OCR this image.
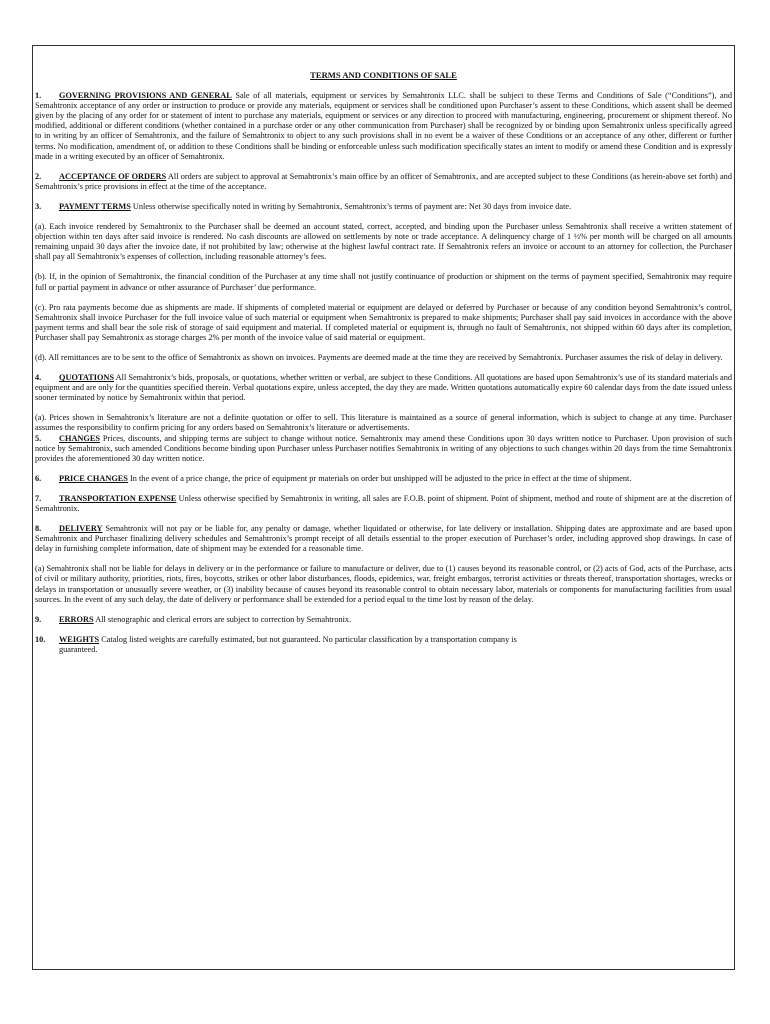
TERMS AND CONDITIONS OF SALE

1. GOVERNING PROVISIONS AND GENERAL Sale of all materials, equipment or services by Semahtronix LLC. shall be subject to these Terms and Conditions of Sale (“Conditions”), and Semahtronix acceptance of any order or instruction to produce or provide any materials, equipment or services shall be conditioned upon Purchaser’s assent to these Conditions, which assent shall be deemed given by the placing of any order for or statement of intent to purchase any materials, equipment or services or any direction to proceed with manufacturing, engineering, procurement or shipment thereof. No modified, additional or different conditions (whether contained in a purchase order or any other communication from Purchaser) shall be recognized by or binding upon Semahtronix unless specifically agreed to in writing by an officer of Semahtronix, and the failure of Semahtronix to object to any such provisions shall in no event be a waiver of these Conditions or an acceptance of any other, different or further terms. No modification, amendment of, or addition to these Conditions shall be binding or enforceable unless such modification specifically states an intent to modify or amend these Condition and is expressly made in a writing executed by an officer of Semahtronix.

2. ACCEPTANCE OF ORDERS All orders are subject to approval at Semahtronix’s main office by an officer of Semahtronix, and are accepted subject to these Conditions (as herein-above set forth) and Semahtronix’s price provisions in effect at the time of the acceptance.

3. PAYMENT TERMS Unless otherwise specifically noted in writing by Semahtronix, Semahtronix’s terms of payment are: Net 30 days from invoice date.

(a). Each invoice rendered by Semahtronix to the Purchaser shall be deemed an account stated, correct, accepted, and binding upon the Purchaser unless Semahtronix shall receive a written statement of objection within ten days after said invoice is rendered. No cash discounts are allowed on settlements by note or trade acceptance. A delinquency charge of 1 ½% per month will be charged on all amounts remaining unpaid 30 days after the invoice date, if not prohibited by law; otherwise at the highest lawful contract rate. If Semahtronix refers an invoice or account to an attorney for collection, the Purchaser shall pay all Semahtronix’s expenses of collection, including reasonable attorney’s fees.

(b). If, in the opinion of Semahtronix, the financial condition of the Purchaser at any time shall not justify continuance of production or shipment on the terms of payment specified, Semahtronix may require full or partial payment in advance or other assurance of Purchaser’ due performance.

(c). Pro rata payments become due as shipments are made. If shipments of completed material or equipment are delayed or deferred by Purchaser or because of any condition beyond Semahtronix’s control, Semahtronix shall invoice Purchaser for the full invoice value of such material or equipment when Semahtronix is prepared to make shipments; Purchaser shall pay said invoices in accordance with the above payment terms and shall bear the sole risk of storage of said equipment and material. If completed material or equipment is, through no fault of Semahtronix, not shipped within 60 days after its completion, Purchaser shall pay Semahtronix as storage charges 2% per month of the invoice value of said material or equipment.

(d). All remittances are to be sent to the office of Semahtronix as shown on invoices. Payments are deemed made at the time they are received by Semahtronix. Purchaser assumes the risk of delay in delivery.

4. QUOTATIONS All Semahtronix’s bids, proposals, or quotations, whether written or verbal, are subject to these Conditions. All quotations are based upon Semahtronix’s use of its standard materials and equipment and are only for the quantities specified therein. Verbal quotations expire, unless accepted, the day they are made. Written quotations automatically expire 60 calendar days from the date issued unless sooner terminated by notice by Semahtronix within that period.

(a). Prices shown in Semahtronix’s literature are not a definite quotation or offer to sell. This literature is maintained as a source of general information, which is subject to change at any time. Purchaser assumes the responsibility to confirm pricing for any orders based on Semahtronix’s literature or advertisements.

5. CHANGES Prices, discounts, and shipping terms are subject to change without notice. Semahtronix may amend these Conditions upon 30 days written notice to Purchaser. Upon provision of such notice by Semahtronix, such amended Conditions become binding upon Purchaser unless Purchaser notifies Semahtronix in writing of any objections to such changes within 20 days from the time Semahtronix provides the aforementioned 30 day written notice.

6. PRICE CHANGES In the event of a price change, the price of equipment pr materials on order but unshipped will be adjusted to the price in effect at the time of shipment.

7. TRANSPORTATION EXPENSE Unless otherwise specified by Semahtronix in writing, all sales are F.O.B. point of shipment. Point of shipment, method and route of shipment are at the discretion of Semahtronix.

8. DELIVERY Semahtronix will not pay or be liable for, any penalty or damage, whether liquidated or otherwise, for late delivery or installation. Shipping dates are approximate and are based upon Semahtronix and Purchaser finalizing delivery schedules and Semahtronix’s prompt receipt of all details essential to the proper execution of Purchaser’s order, including approved shop drawings. In case of delay in furnishing complete information, date of shipment may be extended for a reasonable time.

(a) Semahtronix shall not be liable for delays in delivery or in the performance or failure to manufacture or deliver, due to (1) causes beyond its reasonable control, or (2) acts of God, acts of the Purchase, acts of civil or military authority, priorities, riots, fires, boycotts, strikes or other labor disturbances, floods, epidemics, war, freight embargos, terrorist activities or threats thereof, transportation shortages, wrecks or delays in transportation or unusually severe weather, or (3) inability because of causes beyond its reasonable control to obtain necessary labor, materials or components for manufacturing facilities from usual sources. In the event of any such delay, the date of delivery or performance shall be extended for a period equal to the time lost by reason of the delay.

9. ERRORS All stenographic and clerical errors are subject to correction by Semahtronix.

10. WEIGHTS Catalog listed weights are carefully estimated, but not guaranteed. No particular classification by a transportation company is

guaranteed.
